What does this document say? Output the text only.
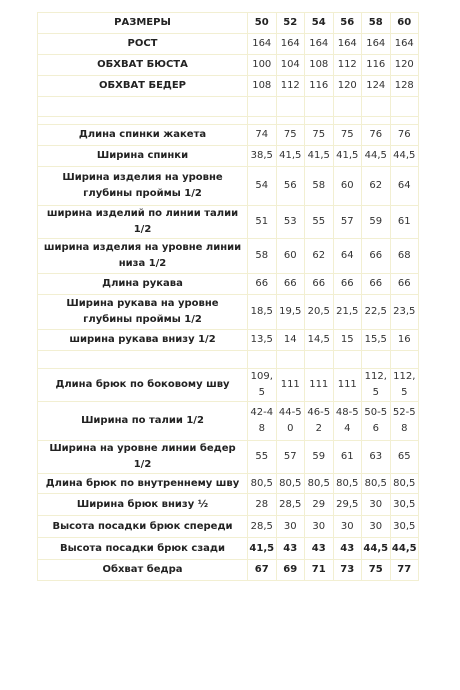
РАЗМЕРЫ	50	52	54	56	58	60
РОСТ	164	164	164	164	164	164
ОБХВАТ БЮСТА	100	104	108	112	116	120
ОБХВАТ БЕДЕР	108	112	116	120	124	128

Длина спинки жакета	74	75	75	75	76	76
Ширина спинки	38,5	41,5	41,5	41,5	44,5	44,5
Ширина изделия на уровне глубины проймы 1/2	54	56	58	60	62	64
ширина изделий по линии талии 1/2	51	53	55	57	59	61
ширина изделия на уровне линии низа 1/2	58	60	62	64	66	68
Длина рукава	66	66	66	66	66	66
Ширина рукава на уровне глубины проймы 1/2	18,5	19,5	20,5	21,5	22,5	23,5
ширина рукава внизу 1/2	13,5	14	14,5	15	15,5	16

Длина брюк по боковому шву	109,5	111	111	111	112,5	112,5
Ширина по талии 1/2	42-48	44-50	46-52	48-54	50-56	52-58
Ширина на уровне линии бедер 1/2	55	57	59	61	63	65
Длина брюк по внутреннему шву	80,5	80,5	80,5	80,5	80,5	80,5
Ширина брюк внизу ½	28	28,5	29	29,5	30	30,5
Высота посадки брюк спереди	28,5	30	30	30	30	30,5
Высота посадки брюк сзади	41,5	43	43	43	44,5	44,5
Обхват бедра	67	69	71	73	75	77
